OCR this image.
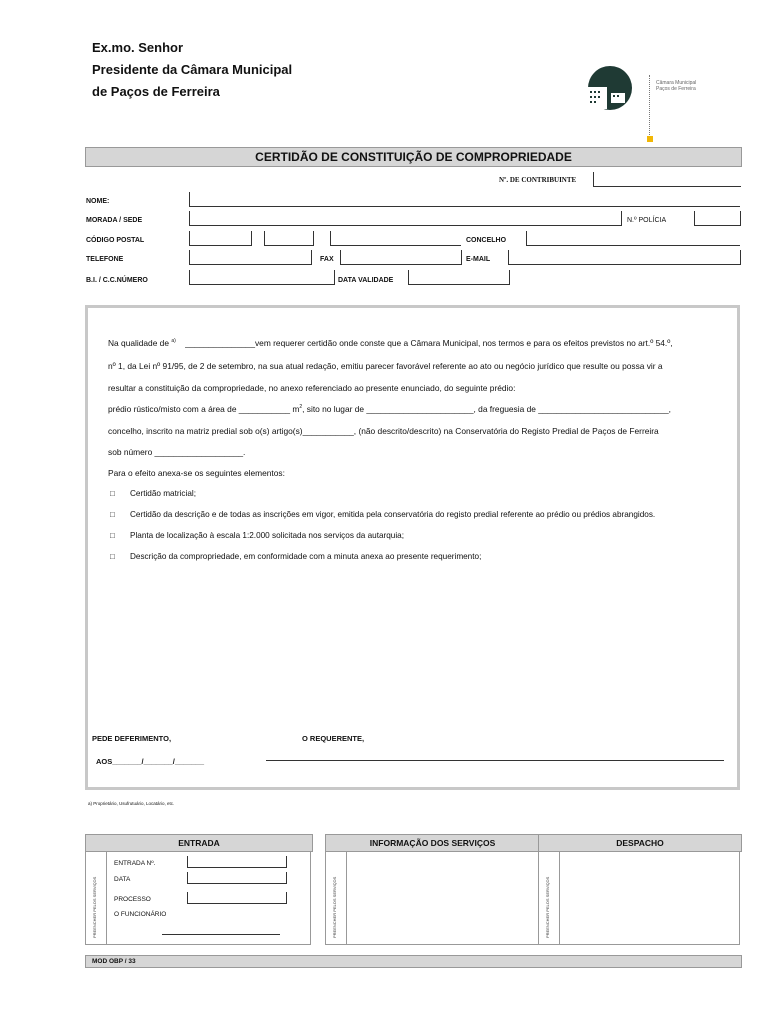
Ex.mo. Senhor
Presidente da Câmara Municipal
de Paços de Ferreira
Câmara Municipal
Paços de Ferreira
CERTIDÃO DE CONSTITUIÇÃO DE COMPROPRIEDADE
Nº. DE CONTRIBUINTE
NOME:
MORADA / SEDE	N.º POLÍCIA
CÓDIGO POSTAL	CONCELHO
TELEFONE	FAX	E-MAIL
B.I. / C.C.NÚMERO	DATA VALIDADE
Na qualidade de $^{a)}$ _______________vem requerer certidão onde conste que a Câmara Municipal, nos termos e para os efeitos previstos no art.º 54.º,
nº 1, da Lei nº 91/95, de 2 de setembro, na sua atual redação, emitiu parecer favorável referente ao ato ou negócio jurídico que resulte ou possa vir a
resultar a constituição da compropriedade, no anexo referenciado ao presente enunciado, do seguinte prédio:
prédio rústico/misto com a área de ___________ $m^2$, sito no lugar de _______________________, da freguesia de ____________________________,
concelho, inscrito na matriz predial sob o(s) artigo(s)___________, (não descrito/descrito) na Conservatória do Registo Predial de Paços de Ferreira
sob número ___________________.
Para o efeito anexa-se os seguintes elementos:
□ Certidão matricial;
□ Certidão da descrição e de todas as inscrições em vigor, emitida pela conservatória do registo predial referente ao prédio ou prédios abrangidos.
□ Planta de localização à escala 1:2.000 solicitada nos serviços da autarquia;
□ Descrição da compropriedade, em conformidade com a minuta anexa ao presente requerimento;
PEDE DEFERIMENTO,	O REQUERENTE,
AOS_______/_______/_______
a) Proprietário, Usufrutuário, Locatário, etc.
ENTRADA	INFORMAÇÃO DOS SERVIÇOS	DESPACHO
PREENCHER PELOS SERVIÇOS
ENTRADA Nº.
DATA
PROCESSO
O FUNCIONÁRIO	PREENCHER PELOS SERVIÇOS	PREENCHER PELOS SERVIÇOS
MOD OBP / 33
